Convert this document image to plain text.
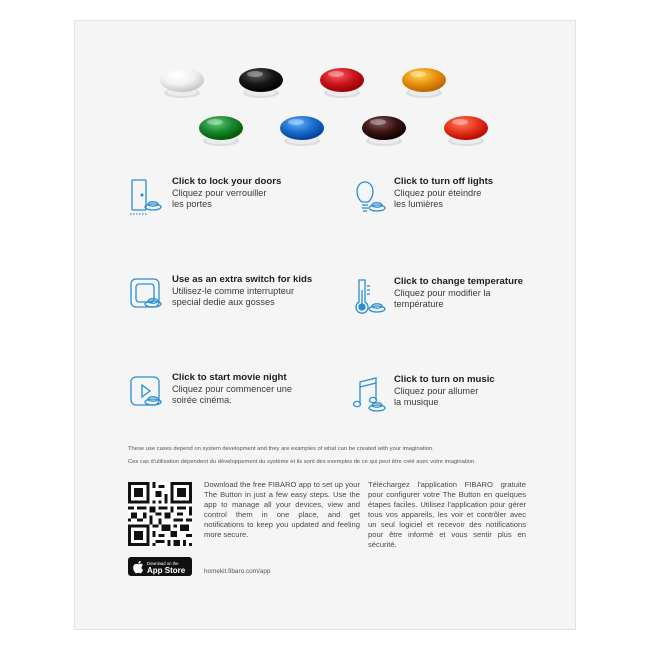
Click to lock your doors
Cliquez pour verrouiller
les portes
Click to turn off lights
Cliquez pour éteindre
les lumières
Use as an extra switch for kids
Utilisez-le comme interrupteur
special dedie aux gosses
Click to change temperature
Cliquez pour modifier la
température
Click to start movie night
Cliquez pour commencer une
soirée cinéma.
Click to turn on music
Cliquez pour allumer
la musique
These use cases depend on system development and they are examples of what can be created with your imagination.
Ces cas d'utilisation dépendent du développement du système et ils sont des exemples de ce qui peut être créé avec votre imagination.
Download on the
App Store
Download the free FIBARO app to set up your The Button in just a few easy steps. Use the app to manage all your devices, view and control them in one place, and get notifications to keep you updated and feeling more secure.
Téléchargez l'application FIBARO gratuite pour configurer votre The Button en quelques étapes faciles. Utilisez l'application pour gérer tous vos appareils, les voir et contrôler avec un seul logiciel et recevoir des notifications pour être informé et vous sentir plus en sécurité.
homekit.fibaro.com/app
